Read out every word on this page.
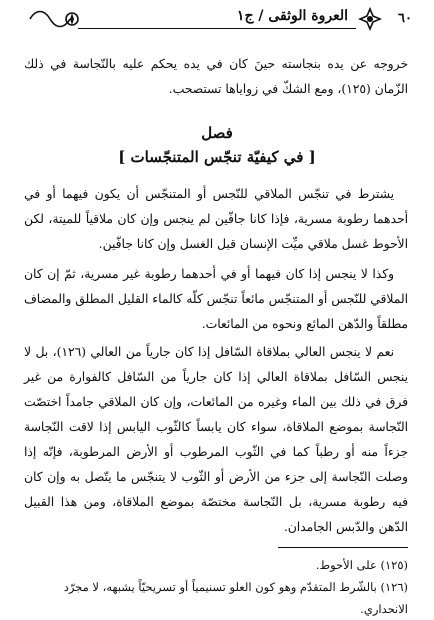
٦٠
العروة الوثقى / ج١

خروجه عن يده بنجاسته حينَ كان في يده يحكم عليه بالنّجاسة في ذلك الزّمان (١٢٥)، ومع الشكّ في زواياها تستصحب.

فصل
[ في كيفيّة تنجّس المتنجّسات ]

يشترط في تنجّس الملاقي للنّجس أو المتنجّس أن يكون فيهما أو في أحدهما رطوبة مسرية، فإذا كانا جافّين لم ينجس وإن كان ملاقياً للميتة، لكن الأحوط غسل ملاقي ميِّت الإنسان قبل الغسل وإن كانا جافّين.

وكذا لا ينجس إذا كان فيهما أو في أحدهما رطوبة غير مسرية، ثمّ إن كان الملاقي للنّجس أو المتنجّس مائعاً تنجّس كلّه كالماء القليل المطلق والمضاف مطلقاً والدّهن المائع ونحوه من المائعات.

نعم لا ينجس العالي بملاقاة السّافل إذا كان جارياً من العالي (١٢٦)، بل لا ينجس السّافل بملاقاة العالي إذا كان جارياً من السّافل كالفوارة من غير فرق في ذلك بين الماء وغيره من المائعات، وإن كان الملاقي جامداً اختصّت النّجاسة بموضع الملاقاة، سواء كان يابساً كالثّوب اليابس إذا لاقت النّجاسة جزءاً منه أو رطباً كما في الثّوب المرطوب أو الأرض المرطوبة، فإنّه إذا وصلت النّجاسة إلى جزء من الأرض أو الثّوب لا يتنجّس ما يتّصل به وإن كان فيه رطوبة مسرية، بل النّجاسة مختصّة بموضع الملاقاة، ومن هذا القبيل الدّهن والدّبس الجامدان.

(١٢٥) على الأحوط.
(١٢٦) بالشّرط المتقدّم وهو كون العلو تسنيمياً أو تسريحيّاً يشبهه، لا مجرّد الانحداري.
